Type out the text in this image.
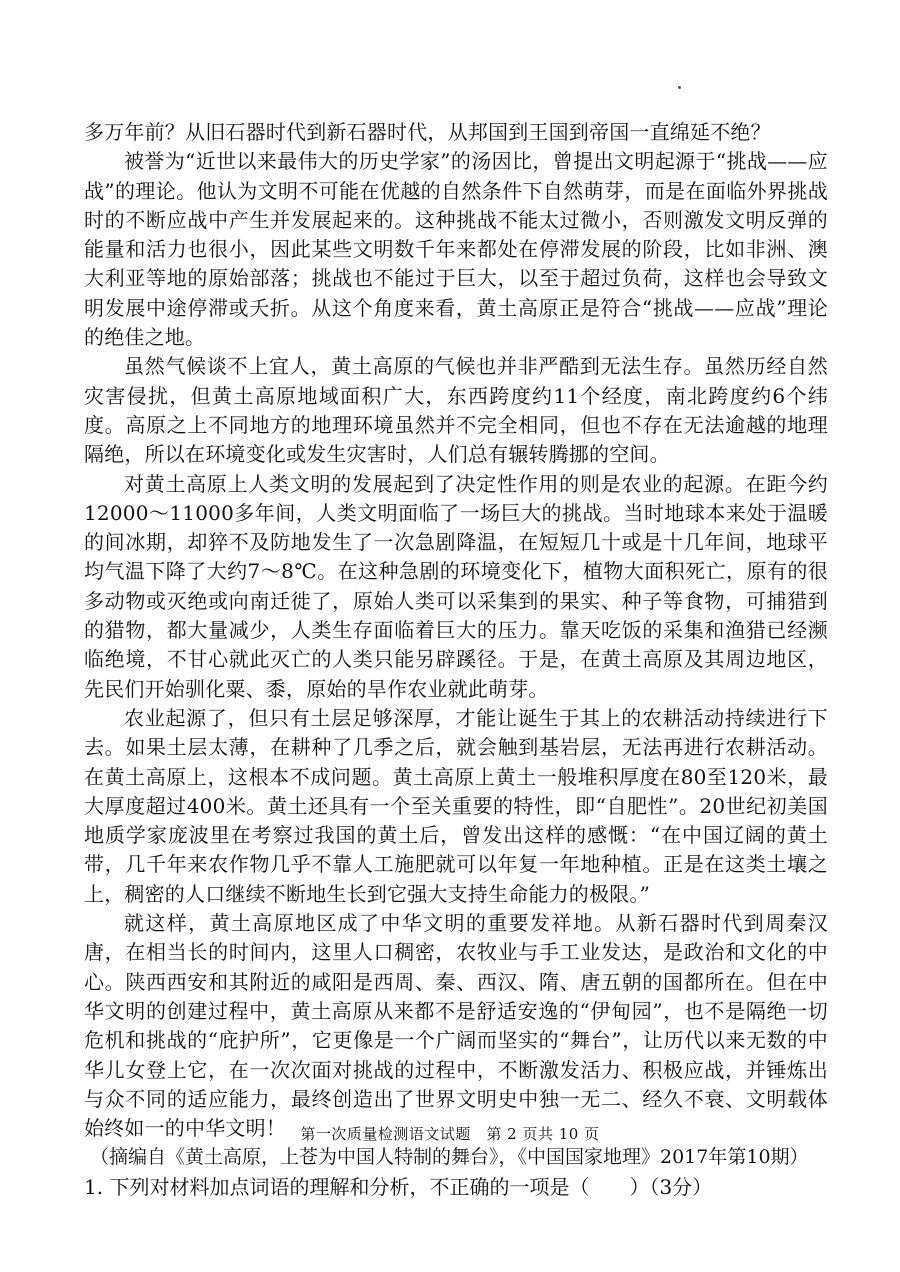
多万年前？从旧石器时代到新石器时代，从邦国到王国到帝国一直绵延不绝？

被誉为“近世以来最伟大的历史学家”的汤因比，曾提出文明起源于“挑战——应战”的理论。他认为文明不可能在优越的自然条件下自然萌芽，而是在面临外界挑战时的不断应战中产生并发展起来的。这种挑战不能太过微小，否则激发文明反弹的能量和活力也很小，因此某些文明数千年来都处在停滞发展的阶段，比如非洲、澳大利亚等地的原始部落；挑战也不能过于巨大，以至于超过负荷，这样也会导致文明发展中途停滞或夭折。从这个角度来看，黄土高原正是符合“挑战——应战”理论的绝佳之地。

虽然气候谈不上宜人，黄土高原的气候也并非严酷到无法生存。虽然历经自然灾害侵扰，但黄土高原地域面积广大，东西跨度约11个经度，南北跨度约6个纬度。高原之上不同地方的地理环境虽然并不完全相同，但也不存在无法逾越的地理隔绝，所以在环境变化或发生灾害时，人们总有辗转腾挪的空间。

对黄土高原上人类文明的发展起到了决定性作用的则是农业的起源。在距今约12000～11000多年间，人类文明面临了一场巨大的挑战。当时地球本来处于温暖的间冰期，却猝不及防地发生了一次急剧降温，在短短几十或是十几年间，地球平均气温下降了大约7～8℃。在这种急剧的环境变化下，植物大面积死亡，原有的很多动物或灭绝或向南迁徙了，原始人类可以采集到的果实、种子等食物，可捕猎到的猎物，都大量减少，人类生存面临着巨大的压力。靠天吃饭的采集和渔猎已经濒临绝境，不甘心就此灭亡的人类只能另辟蹊径。于是，在黄土高原及其周边地区，先民们开始驯化粟、黍，原始的旱作农业就此萌芽。

农业起源了，但只有土层足够深厚，才能让诞生于其上的农耕活动持续进行下去。如果土层太薄，在耕种了几季之后，就会触到基岩层，无法再进行农耕活动。在黄土高原上，这根本不成问题。黄土高原上黄土一般堆积厚度在80至120米，最大厚度超过400米。黄土还具有一个至关重要的特性，即“自肥性”。20世纪初美国地质学家庞波里在考察过我国的黄土后，曾发出这样的感慨：“在中国辽阔的黄土带，几千年来农作物几乎不靠人工施肥就可以年复一年地种植。正是在这类土壤之上，稠密的人口继续不断地生长到它强大支持生命能力的极限。”

就这样，黄土高原地区成了中华文明的重要发祥地。从新石器时代到周秦汉唐，在相当长的时间内，这里人口稠密，农牧业与手工业发达，是政治和文化的中心。陕西西安和其附近的咸阳是西周、秦、西汉、隋、唐五朝的国都所在。但在中华文明的创建过程中，黄土高原从来都不是舒适安逸的“伊甸园”，也不是隔绝一切危机和挑战的“庇护所”，它更像是一个广阔而坚实的“舞台”，让历代以来无数的中华儿女登上它，在一次次面对挑战的过程中，不断激发活力、积极应战，并锤炼出与众不同的适应能力，最终创造出了世界文明史中独一无二、经久不衰、文明载体始终如一的中华文明！

（摘编自《黄土高原，上苍为中国人特制的舞台》，《中国国家地理》2017年第10期）

1. 下列对材料加点词语的理解和分析，不正确的一项是（　　）（3分）

第一次质量检测语文试题　第 2 页共 10 页
